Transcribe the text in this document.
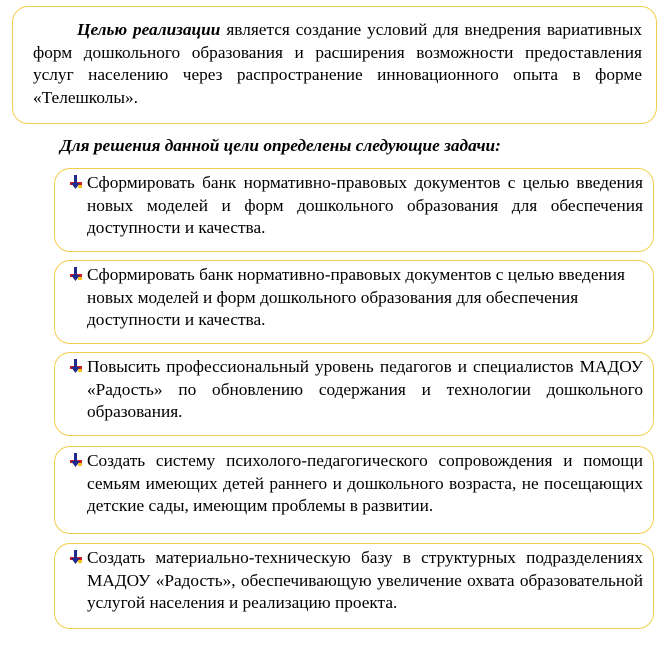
Целью реализации является создание условий для внедрения вариативных форм дошкольного образования и расширения возможности предоставления услуг населению через распространение инновационного опыта в форме «Телешколы».
Для решения данной цели определены следующие задачи:
Сформировать банк нормативно-правовых документов с целью введения новых моделей и форм дошкольного образования для обеспечения доступности и качества.
Сформировать банк нормативно-правовых документов с целью введения новых моделей и форм дошкольного образования для обеспечения доступности и качества.
Повысить профессиональный уровень педагогов и специалистов МАДОУ «Радость» по обновлению содержания и технологии дошкольного образования.
Создать систему психолого-педагогического сопровождения и помощи семьям имеющих детей раннего и дошкольного возраста, не посещающих детские сады, имеющим проблемы в развитии.
Создать материально-техническую базу в структурных подразделениях МАДОУ «Радость», обеспечивающую увеличение охвата образовательной услугой населения и реализацию проекта.
